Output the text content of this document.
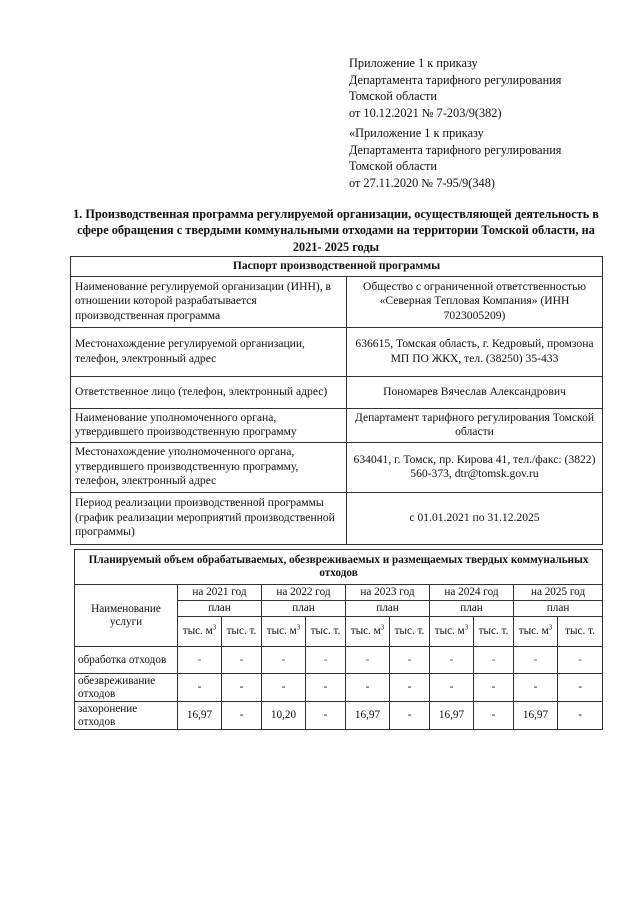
Приложение 1 к приказу
Департамента тарифного регулирования
Томской области
от 10.12.2021 № 7-203/9(382)
«Приложение 1 к приказу
Департамента тарифного регулирования
Томской области
от 27.11.2020 № 7-95/9(348)
1. Производственная программа регулируемой организации, осуществляющей деятельность в сфере обращения с твердыми коммунальными отходами на территории Томской области, на 2021- 2025 годы
Паспорт производственной программы	
Наименование регулируемой организации (ИНН), в отношении которой разрабатывается производственная программа	Общество с ограниченной ответственностью «Северная Тепловая Компания» (ИНН 7023005209)
Местонахождение регулируемой организации, телефон, электронный адрес	636615, Томская область, г. Кедровый, промзона МП ПО ЖКХ, тел. (38250) 35-433
Ответственное лицо (телефон, электронный адрес)	Пономарев Вячеслав Александрович
Наименование уполномоченного органа, утвердившего производственную программу	Департамент тарифного регулирования Томской области
Местонахождение уполномоченного органа, утвердившего производственную программу, телефон, электронный адрес	634041, г. Томск, пр. Кирова 41, тел./факс: (3822) 560-373, dtr@tomsk.gov.ru
Период реализации производственной программы (график реализации мероприятий производственной программы)	с 01.01.2021 по 31.12.2025
Планируемый объем обрабатываемых, обезвреживаемых и размещаемых твердых коммунальных отходов										
Наименование услуги	на 2021 год		на 2022 год		на 2023 год		на 2024 год		на 2025 год	
	план		план		план		план		план	
	тыс. $м^3$	тыс. т.	тыс. $м^3$	тыс. т.	тыс. $м^3$	тыс. т.	тыс. $м^3$	тыс. т.	тыс. $м^3$	тыс. т.
обработка отходов	-	-	-	-	-	-	-	-	-	-
обезвреживание отходов	-	-	-	-	-	-	-	-	-	-
захоронение отходов	16,97	-	10,20	-	16,97	-	16,97	-	16,97	-
